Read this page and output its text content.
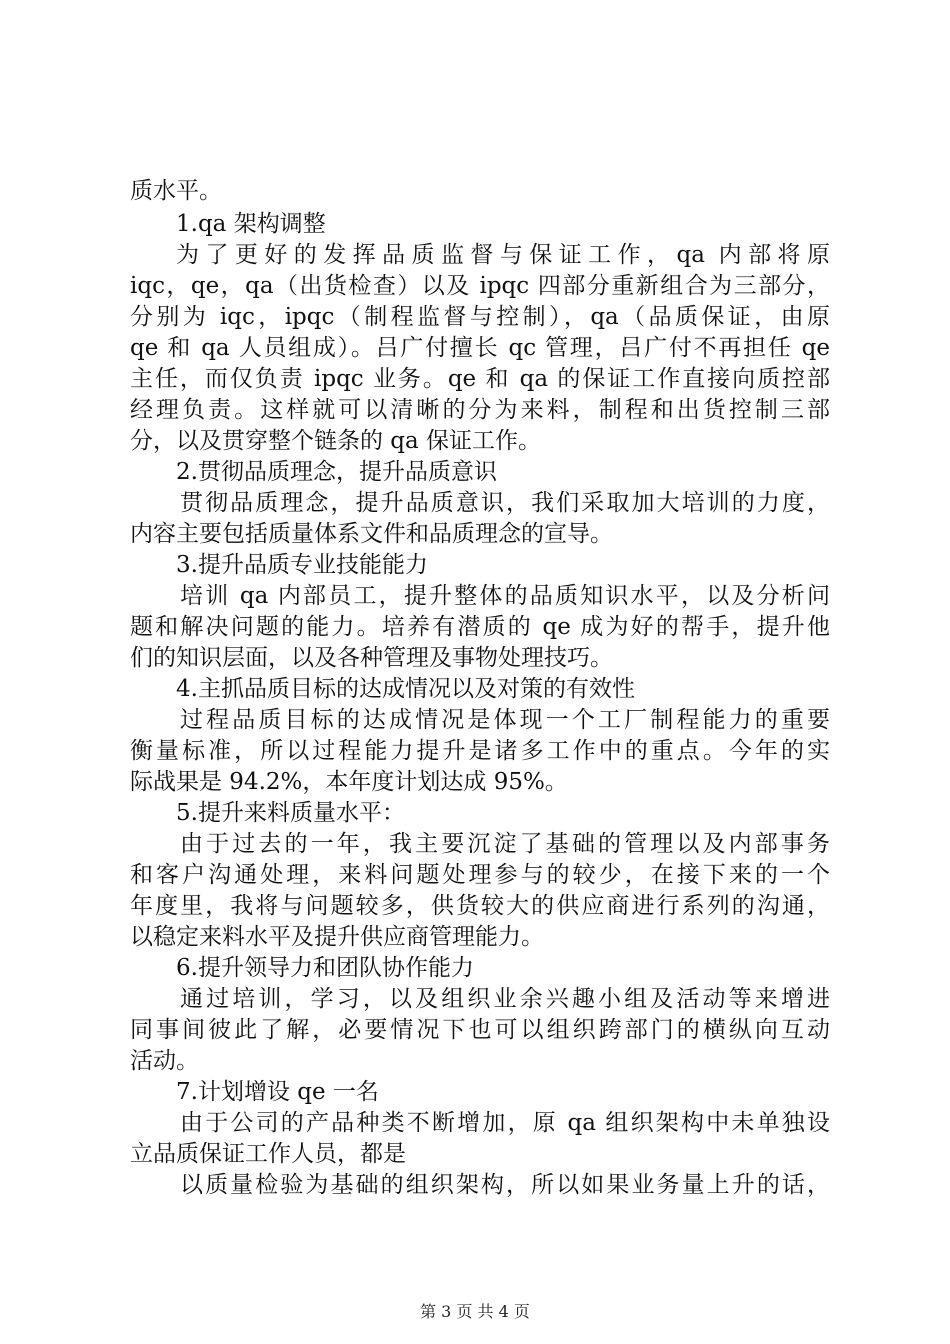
质水平。
1.qa 架构调整
为了更好的发挥品质监督与保证工作，qa 内部将原
iqc，qe，qa（出货检查）以及 ipqc 四部分重新组合为三部分，
分别为 iqc，ipqc（制程监督与控制），qa（品质保证，由原
qe 和 qa 人员组成）。吕广付擅长 qc 管理，吕广付不再担任 qe
主任，而仅负责 ipqc 业务。qe 和 qa 的保证工作直接向质控部
经理负责。这样就可以清晰的分为来料，制程和出货控制三部
分，以及贯穿整个链条的 qa 保证工作。
2.贯彻品质理念，提升品质意识
贯彻品质理念，提升品质意识，我们采取加大培训的力度，
内容主要包括质量体系文件和品质理念的宣导。
3.提升品质专业技能能力
培训 qa 内部员工，提升整体的品质知识水平，以及分析问
题和解决问题的能力。培养有潜质的 qe 成为好的帮手，提升他
们的知识层面，以及各种管理及事物处理技巧。
4.主抓品质目标的达成情况以及对策的有效性
过程品质目标的达成情况是体现一个工厂制程能力的重要
衡量标准，所以过程能力提升是诸多工作中的重点。今年的实
际战果是 94.2%，本年度计划达成 95%。
5.提升来料质量水平：
由于过去的一年，我主要沉淀了基础的管理以及内部事务
和客户沟通处理，来料问题处理参与的较少，在接下来的一个
年度里，我将与问题较多，供货较大的供应商进行系列的沟通，
以稳定来料水平及提升供应商管理能力。
6.提升领导力和团队协作能力
通过培训，学习，以及组织业余兴趣小组及活动等来增进
同事间彼此了解，必要情况下也可以组织跨部门的横纵向互动
活动。
7.计划增设 qe 一名
由于公司的产品种类不断增加，原 qa 组织架构中未单独设
立品质保证工作人员，都是
以质量检验为基础的组织架构，所以如果业务量上升的话，
第 3 页 共 4 页
